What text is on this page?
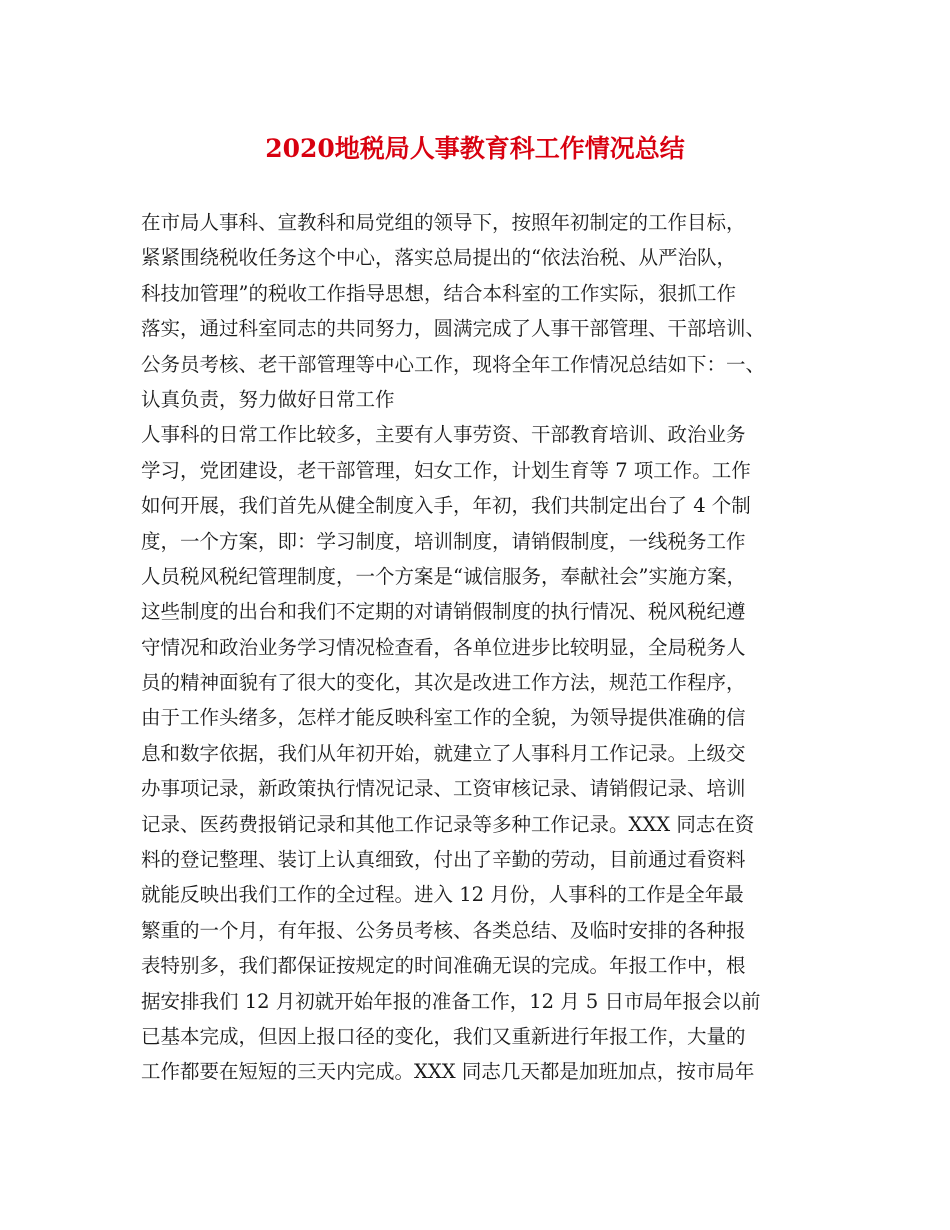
2020地税局人事教育科工作情况总结
在市局人事科、宣教科和局党组的领导下，按照年初制定的工作目标，
紧紧围绕税收任务这个中心，落实总局提出的“依法治税、从严治队，
科技加管理”的税收工作指导思想，结合本科室的工作实际，狠抓工作
落实，通过科室同志的共同努力，圆满完成了人事干部管理、干部培训、
公务员考核、老干部管理等中心工作，现将全年工作情况总结如下：一、
认真负责，努力做好日常工作
人事科的日常工作比较多，主要有人事劳资、干部教育培训、政治业务
学习，党团建设，老干部管理，妇女工作，计划生育等 7 项工作。工作
如何开展，我们首先从健全制度入手，年初，我们共制定出台了 4 个制
度，一个方案，即：学习制度，培训制度，请销假制度，一线税务工作
人员税风税纪管理制度，一个方案是“诚信服务，奉献社会”实施方案，
这些制度的出台和我们不定期的对请销假制度的执行情况、税风税纪遵
守情况和政治业务学习情况检查看，各单位进步比较明显，全局税务人
员的精神面貌有了很大的变化，其次是改进工作方法，规范工作程序，
由于工作头绪多，怎样才能反映科室工作的全貌，为领导提供准确的信
息和数字依据，我们从年初开始，就建立了人事科月工作记录。上级交
办事项记录，新政策执行情况记录、工资审核记录、请销假记录、培训
记录、医药费报销记录和其他工作记录等多种工作记录。XXX 同志在资
料的登记整理、装订上认真细致，付出了辛勤的劳动，目前通过看资料
就能反映出我们工作的全过程。进入 12 月份，人事科的工作是全年最
繁重的一个月，有年报、公务员考核、各类总结、及临时安排的各种报
表特别多，我们都保证按规定的时间准确无误的完成。年报工作中，根
据安排我们 12 月初就开始年报的准备工作，12 月 5 日市局年报会以前
已基本完成，但因上报口径的变化，我们又重新进行年报工作，大量的
工作都要在短短的三天内完成。XXX 同志几天都是加班加点，按市局年
